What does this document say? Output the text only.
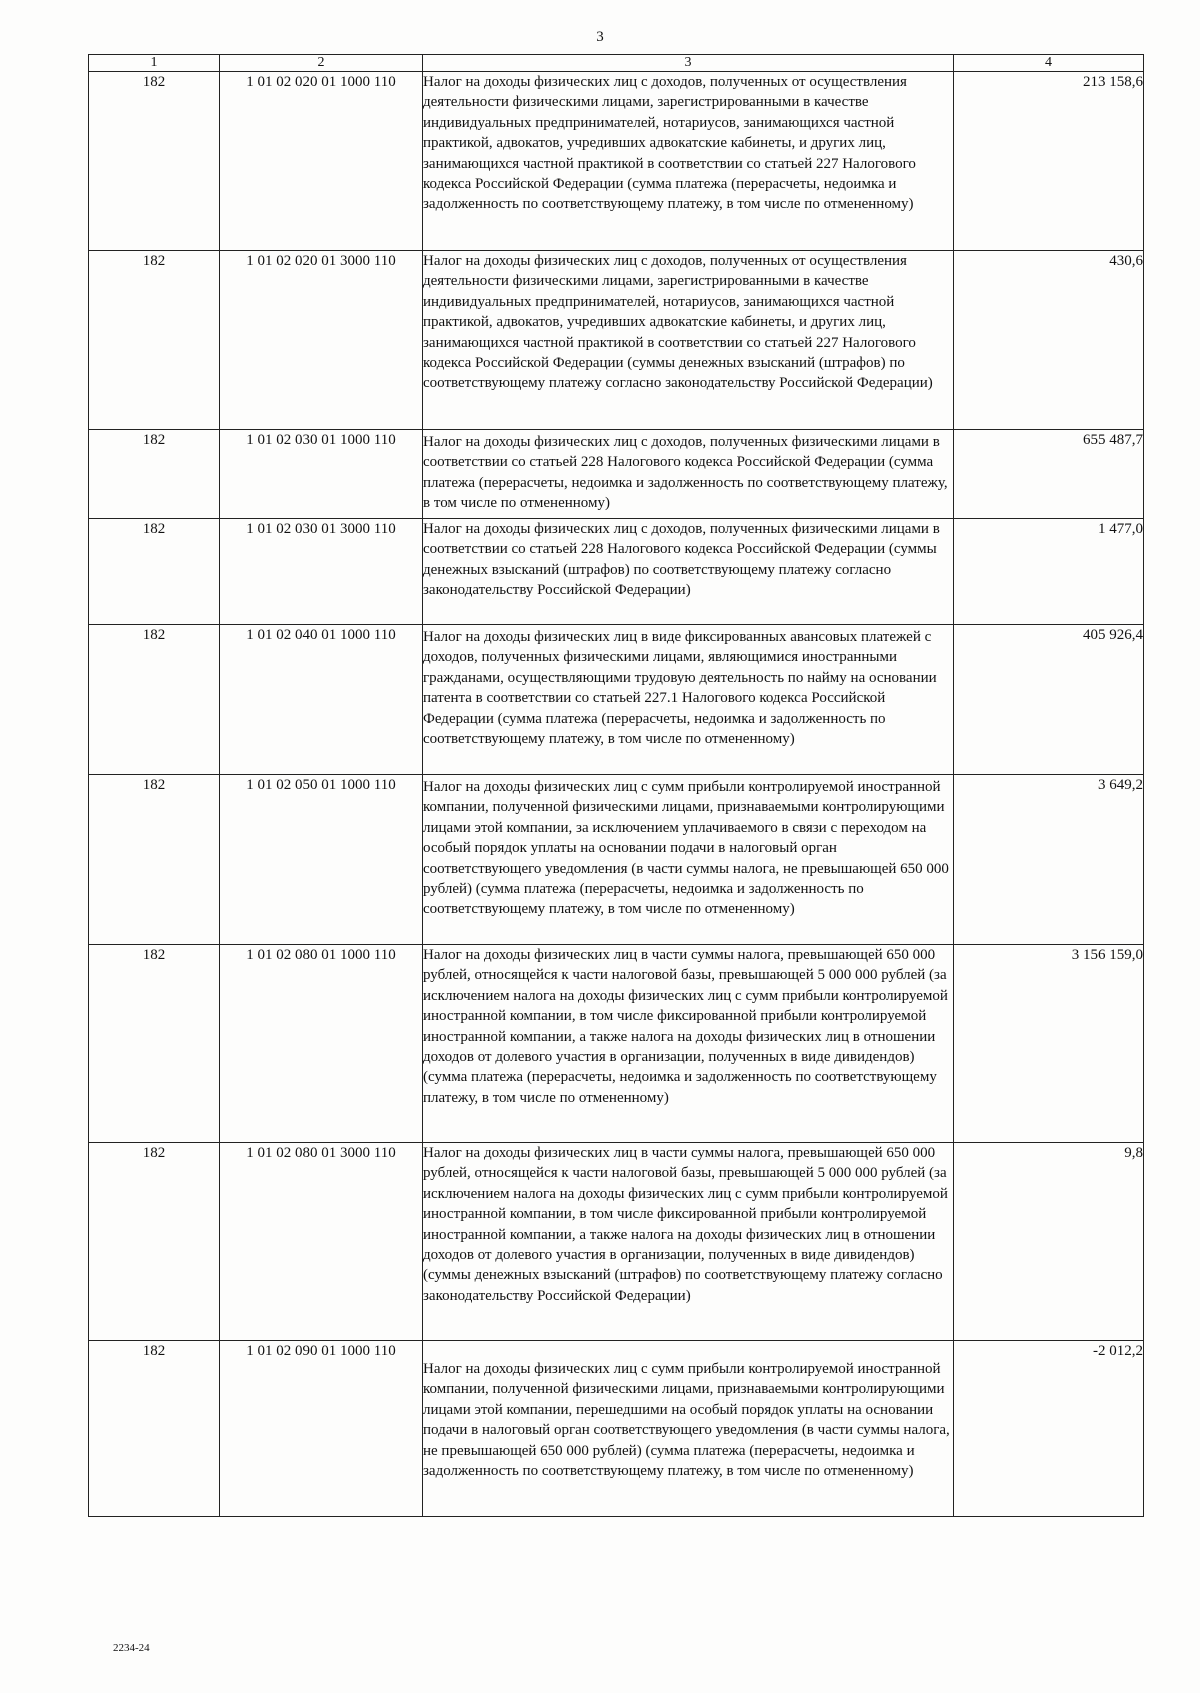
3
1	2	3	4
182	1 01 02 020 01 1000 110	Налог на доходы физических лиц с доходов, полученных от осуществления деятельности физическими лицами, зарегистрированными в качестве индивидуальных предпринимателей, нотариусов, занимающихся частной практикой, адвокатов, учредивших адвокатские кабинеты, и других лиц, занимающихся частной практикой в соответствии со статьей 227 Налогового кодекса Российской Федерации (сумма платежа (перерасчеты, недоимка и задолженность по соответствующему платежу, в том числе по отмененному)	213 158,6
182	1 01 02 020 01 3000 110	Налог на доходы физических лиц с доходов, полученных от осуществления деятельности физическими лицами, зарегистрированными в качестве индивидуальных предпринимателей, нотариусов, занимающихся частной практикой, адвокатов, учредивших адвокатские кабинеты, и других лиц, занимающихся частной практикой в соответствии со статьей 227 Налогового кодекса Российской Федерации (суммы денежных взысканий (штрафов) по соответствующему платежу согласно законодательству Российской Федерации)	430,6
182	1 01 02 030 01 1000 110	Налог на доходы физических лиц с доходов, полученных физическими лицами в соответствии со статьей 228 Налогового кодекса Российской Федерации (сумма платежа (перерасчеты, недоимка и задолженность по соответствующему платежу, в том числе по отмененному)	655 487,7
182	1 01 02 030 01 3000 110	Налог на доходы физических лиц с доходов, полученных физическими лицами в соответствии со статьей 228 Налогового кодекса Российской Федерации (суммы денежных взысканий (штрафов) по соответствующему платежу согласно законодательству Российской Федерации)	1 477,0
182	1 01 02 040 01 1000 110	Налог на доходы физических лиц в виде фиксированных авансовых платежей с доходов, полученных физическими лицами, являющимися иностранными гражданами, осуществляющими трудовую деятельность по найму на основании патента в соответствии со статьей 227.1 Налогового кодекса Российской Федерации (сумма платежа (перерасчеты, недоимка и задолженность по соответствующему платежу, в том числе по отмененному)	405 926,4
182	1 01 02 050 01 1000 110	Налог на доходы физических лиц с сумм прибыли контролируемой иностранной компании, полученной физическими лицами, признаваемыми контролирующими лицами этой компании, за исключением уплачиваемого в связи с переходом на особый порядок уплаты на основании подачи в налоговый орган соответствующего уведомления (в части суммы налога, не превышающей 650 000 рублей) (сумма платежа (перерасчеты, недоимка и задолженность по соответствующему платежу, в том числе по отмененному)	3 649,2
182	1 01 02 080 01 1000 110	Налог на доходы физических лиц в части суммы налога, превышающей 650 000 рублей, относящейся к части налоговой базы, превышающей 5 000 000 рублей (за исключением налога на доходы физических лиц с сумм прибыли контролируемой иностранной компании, в том числе фиксированной прибыли контролируемой иностранной компании, а также налога на доходы физических лиц в отношении доходов от долевого участия в организации, полученных в виде дивидендов) (сумма платежа (перерасчеты, недоимка и задолженность по соответствующему платежу, в том числе по отмененному)	3 156 159,0
182	1 01 02 080 01 3000 110	Налог на доходы физических лиц в части суммы налога, превышающей 650 000 рублей, относящейся к части налоговой базы, превышающей 5 000 000 рублей (за исключением налога на доходы физических лиц с сумм прибыли контролируемой иностранной компании, в том числе фиксированной прибыли контролируемой иностранной компании, а также налога на доходы физических лиц в отношении доходов от долевого участия в организации, полученных в виде дивидендов) (суммы денежных взысканий (штрафов) по соответствующему платежу согласно законодательству Российской Федерации)	9,8
182	1 01 02 090 01 1000 110	Налог на доходы физических лиц с сумм прибыли контролируемой иностранной компании, полученной физическими лицами, признаваемыми контролирующими лицами этой компании, перешедшими на особый порядок уплаты на основании подачи в налоговый орган соответствующего уведомления (в части суммы налога, не превышающей 650 000 рублей) (сумма платежа (перерасчеты, недоимка и задолженность по соответствующему платежу, в том числе по отмененному)	-2 012,2
2234-24
